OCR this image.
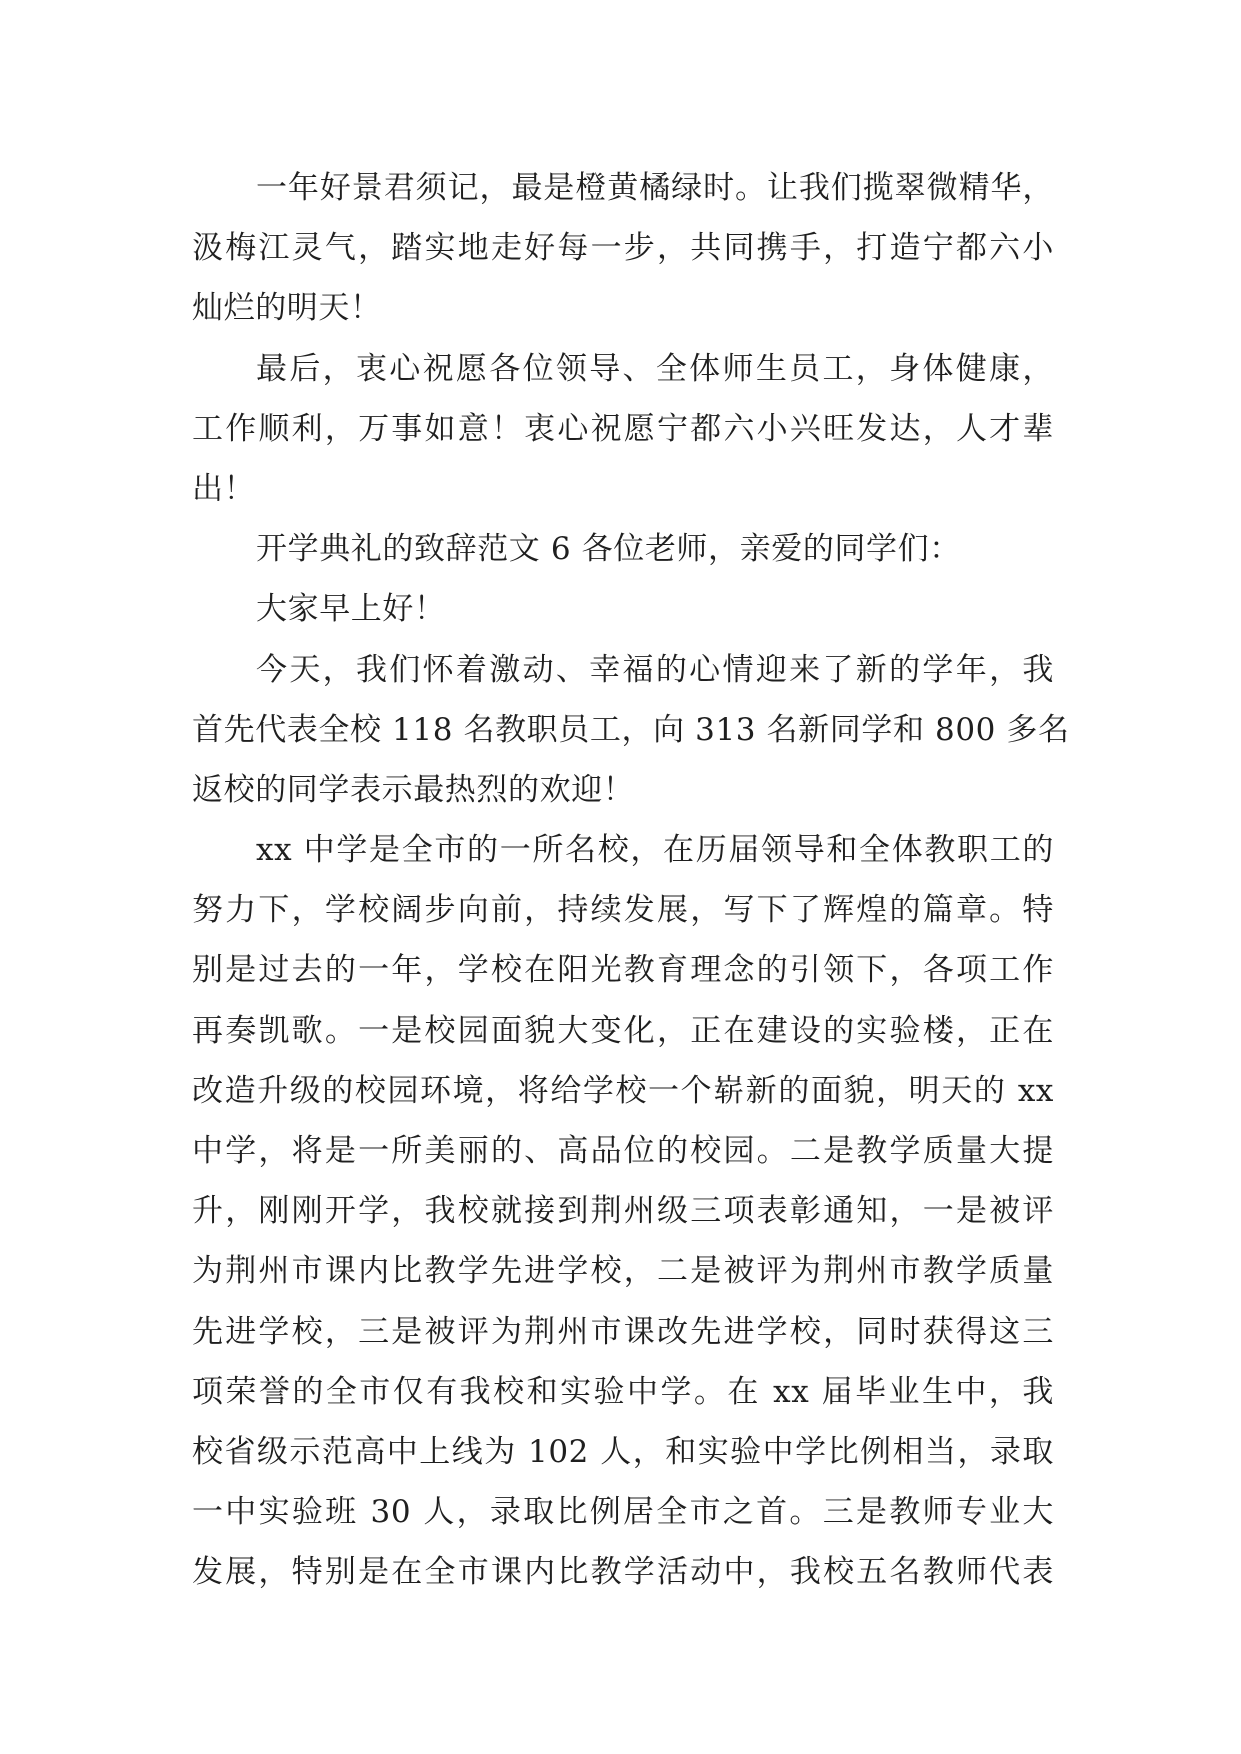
一年好景君须记，最是橙黄橘绿时。让我们揽翠微精华，
汲梅江灵气，踏实地走好每一步，共同携手，打造宁都六小
灿烂的明天！
最后，衷心祝愿各位领导、全体师生员工，身体健康，
工作顺利，万事如意！衷心祝愿宁都六小兴旺发达，人才辈
出！
开学典礼的致辞范文 6 各位老师，亲爱的同学们：
大家早上好！
今天，我们怀着激动、幸福的心情迎来了新的学年，我
首先代表全校 118 名教职员工，向 313 名新同学和 800 多名
返校的同学表示最热烈的欢迎！
xx 中学是全市的一所名校，在历届领导和全体教职工的
努力下，学校阔步向前，持续发展，写下了辉煌的篇章。特
别是过去的一年，学校在阳光教育理念的引领下，各项工作
再奏凯歌。一是校园面貌大变化，正在建设的实验楼，正在
改造升级的校园环境，将给学校一个崭新的面貌，明天的 xx
中学，将是一所美丽的、高品位的校园。二是教学质量大提
升，刚刚开学，我校就接到荆州级三项表彰通知，一是被评
为荆州市课内比教学先进学校，二是被评为荆州市教学质量
先进学校，三是被评为荆州市课改先进学校，同时获得这三
项荣誉的全市仅有我校和实验中学。在 xx 届毕业生中，我
校省级示范高中上线为 102 人，和实验中学比例相当，录取
一中实验班 30 人，录取比例居全市之首。三是教师专业大
发展，特别是在全市课内比教学活动中，我校五名教师代表
